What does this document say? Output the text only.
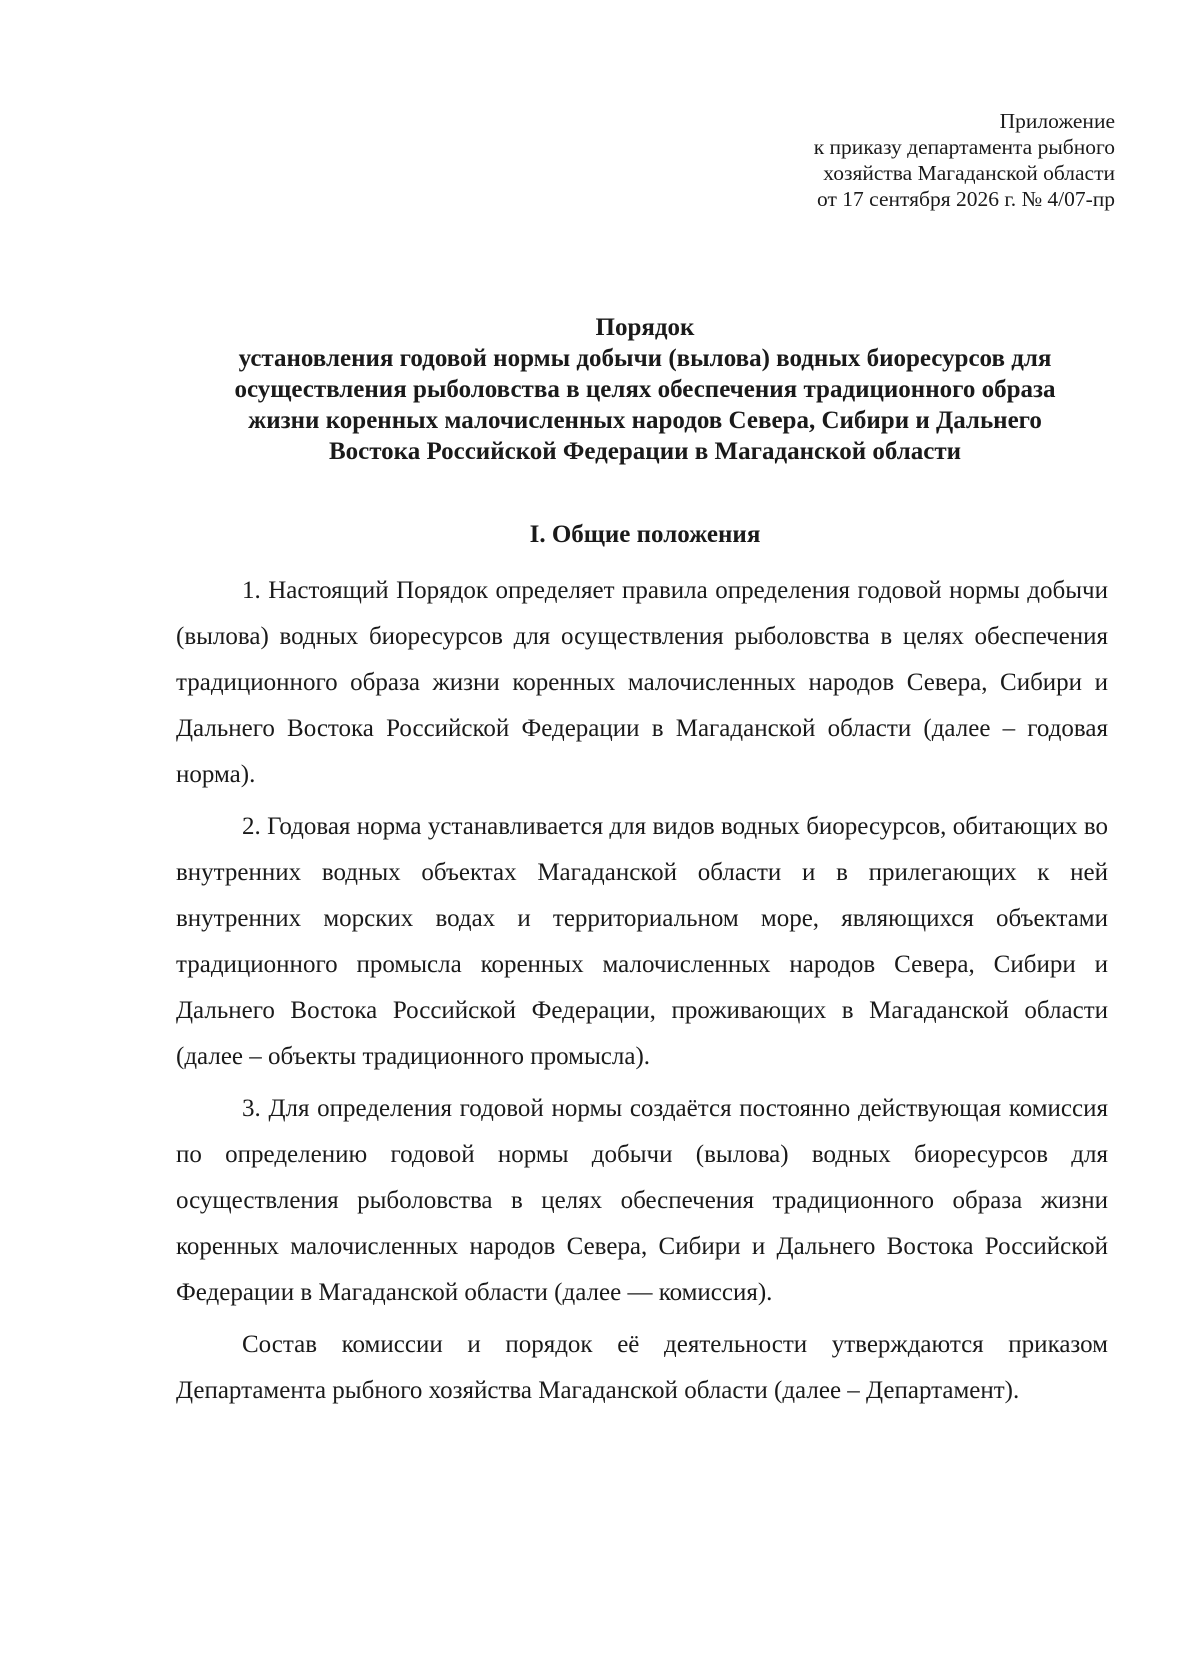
Приложение
к приказу департамента рыбного
хозяйства Магаданской области
от 17 сентября 2026 г. № 4/07-пр
Порядок
установления годовой нормы добычи (вылова) водных биоресурсов для
осуществления рыболовства в целях обеспечения традиционного образа
жизни коренных малочисленных народов Севера, Сибири и Дальнего
Востока Российской Федерации в Магаданской области
I. Общие положения

1. Настоящий Порядок определяет правила определения годовой нормы добычи (вылова) водных биоресурсов для осуществления рыболовства в целях обеспечения традиционного образа жизни коренных малочисленных народов Севера, Сибири и Дальнего Востока Российской Федерации в Магаданской области (далее – годовая норма).

2. Годовая норма устанавливается для видов водных биоресурсов, обитающих во внутренних водных объектах Магаданской области и в прилегающих к ней внутренних морских водах и территориальном море, являющихся объектами традиционного промысла коренных малочисленных народов Севера, Сибири и Дальнего Востока Российской Федерации, проживающих в Магаданской области (далее – объекты традиционного промысла).

3. Для определения годовой нормы создаётся постоянно действующая комиссия по определению годовой нормы добычи (вылова) водных биоресурсов для осуществления рыболовства в целях обеспечения традиционного образа жизни коренных малочисленных народов Севера, Сибири и Дальнего Востока Российской Федерации в Магаданской области (далее — комиссия).

Состав комиссии и порядок её деятельности утверждаются приказом Департамента рыбного хозяйства Магаданской области (далее – Департамент).
